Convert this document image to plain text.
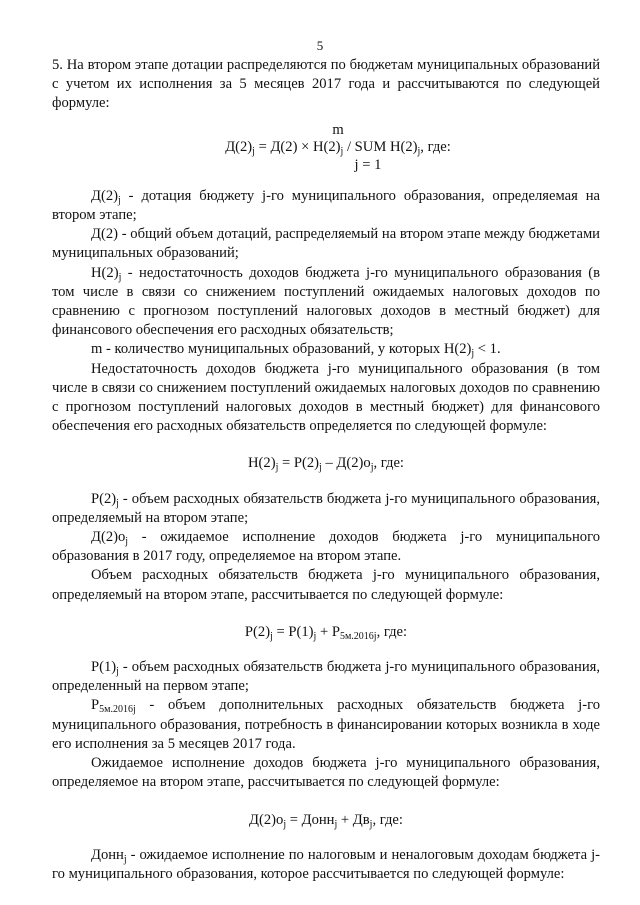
5

5. На втором этапе дотации распределяются по бюджетам муниципальных образований с учетом их исполнения за 5 месяцев 2017 года и рассчитываются по следующей формуле:

m
$Д(2)_j = Д(2) \times Н(2)_j$ / SUM $Н(2)_j$, где:
j = 1

$Д(2)_j$ - дотация бюджету j-го муниципального образования, определяемая на втором этапе;

Д(2) - общий объем дотаций, распределяемый на втором этапе между бюджетами муниципальных образований;

$Н(2)_j$ - недостаточность доходов бюджета j-го муниципального образования (в том числе в связи со снижением поступлений ожидаемых налоговых доходов по сравнению с прогнозом поступлений налоговых доходов в местный бюджет) для финансового обеспечения его расходных обязательств;

m - количество муниципальных образований, у которых $Н(2)_j < 1$.

Недостаточность доходов бюджета j-го муниципального образования (в том числе в связи со снижением поступлений ожидаемых налоговых доходов по сравнению с прогнозом поступлений налоговых доходов в местный бюджет) для финансового обеспечения его расходных обязательств определяется по следующей формуле:

$Н(2)_j = Р(2)_j - Д(2)о_j$, где:

$Р(2)_j$ - объем расходных обязательств бюджета j-го муниципального образования, определяемый на втором этапе;

$Д(2)о_j$ - ожидаемое исполнение доходов бюджета j-го муниципального образования в 2017 году, определяемое на втором этапе.

Объем расходных обязательств бюджета j-го муниципального образования, определяемый на втором этапе, рассчитывается по следующей формуле:

$Р(2)_j = Р(1)_j + Р_{5м.2016j}$, где:

$Р(1)_j$ - объем расходных обязательств бюджета j-го муниципального образования, определенный на первом этапе;

$Р_{5м.2016j}$ - объем дополнительных расходных обязательств бюджета j-го муниципального образования, потребность в финансировании которых возникла в ходе его исполнения за 5 месяцев 2017 года.

Ожидаемое исполнение доходов бюджета j-го муниципального образования, определяемое на втором этапе, рассчитывается по следующей формуле:

$Д(2)о_j$ = Донн$_j$ + $Дв_j$, где:

Донн$_j$ - ожидаемое исполнение по налоговым и неналоговым доходам бюджета j-го муниципального образования, которое рассчитывается по следующей формуле:
